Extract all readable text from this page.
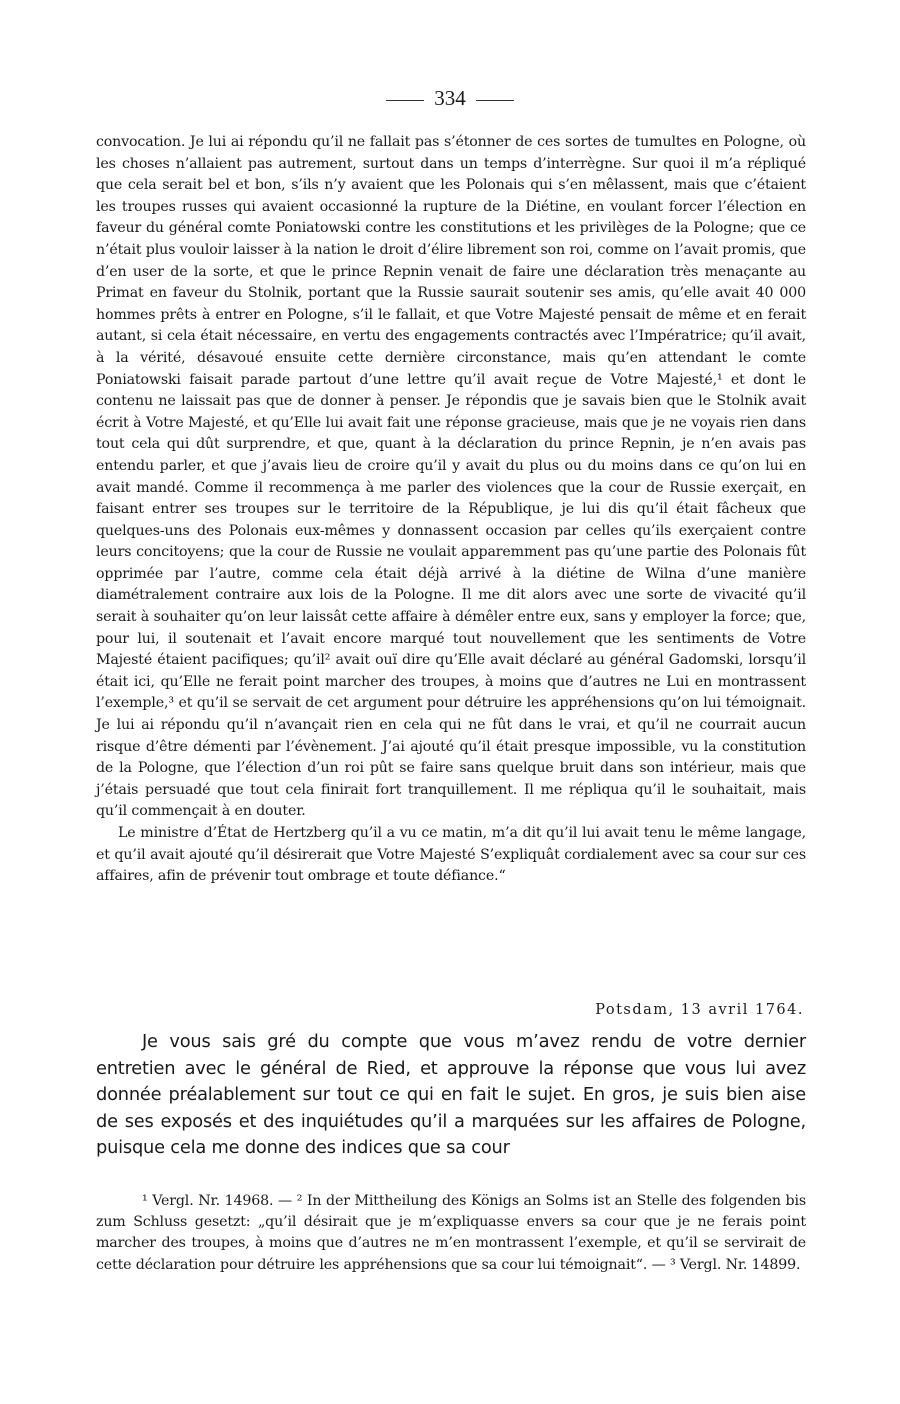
334

convocation. Je lui ai répondu qu’il ne fallait pas s’étonner de ces sortes de tumultes en Pologne, où les choses n’allaient pas autrement, surtout dans un temps d’interrègne. Sur quoi il m’a répliqué que cela serait bel et bon, s’ils n’y avaient que les Polonais qui s’en mêlassent, mais que c’étaient les troupes russes qui avaient occasionné la rupture de la Diétine, en voulant forcer l’élection en faveur du général comte Poniatowski contre les constitutions et les privilèges de la Pologne; que ce n’était plus vouloir laisser à la nation le droit d’élire librement son roi, comme on l’avait promis, que d’en user de la sorte, et que le prince Repnin venait de faire une déclaration très menaçante au Primat en faveur du Stolnik, portant que la Russie saurait soutenir ses amis, qu’elle avait 40 000 hommes prêts à entrer en Pologne, s’il le fallait, et que Votre Majesté pensait de même et en ferait autant, si cela était nécessaire, en vertu des engagements contractés avec l’Impératrice; qu’il avait, à la vérité, désavoué ensuite cette dernière circonstance, mais qu’en attendant le comte Poniatowski faisait parade partout d’une lettre qu’il avait reçue de Votre Majesté,¹ et dont le contenu ne laissait pas que de donner à penser. Je répondis que je savais bien que le Stolnik avait écrit à Votre Majesté, et qu’Elle lui avait fait une réponse gracieuse, mais que je ne voyais rien dans tout cela qui dût surprendre, et que, quant à la déclaration du prince Repnin, je n’en avais pas entendu parler, et que j’avais lieu de croire qu’il y avait du plus ou du moins dans ce qu’on lui en avait mandé. Comme il recommença à me parler des violences que la cour de Russie exerçait, en faisant entrer ses troupes sur le territoire de la République, je lui dis qu’il était fâcheux que quelques-uns des Polonais eux-mêmes y donnassent occasion par celles qu’ils exerçaient contre leurs concitoyens; que la cour de Russie ne voulait apparemment pas qu’une partie des Polonais fût opprimée par l’autre, comme cela était déjà arrivé à la diétine de Wilna d’une manière diamétralement contraire aux lois de la Pologne. Il me dit alors avec une sorte de vivacité qu’il serait à souhaiter qu’on leur laissât cette affaire à démêler entre eux, sans y employer la force; que, pour lui, il soutenait et l’avait encore marqué tout nouvellement que les sentiments de Votre Majesté étaient pacifiques; qu’il² avait ouï dire qu’Elle avait déclaré au général Gadomski, lorsqu’il était ici, qu’Elle ne ferait point marcher des troupes, à moins que d’autres ne Lui en montrassent l’exemple,³ et qu’il se servait de cet argument pour détruire les appréhensions qu’on lui témoignait. Je lui ai répondu qu’il n’avançait rien en cela qui ne fût dans le vrai, et qu’il ne courrait aucun risque d’être démenti par l’évènement. J’ai ajouté qu’il était presque impossible, vu la constitution de la Pologne, que l’élection d’un roi pût se faire sans quelque bruit dans son intérieur, mais que j’étais persuadé que tout cela finirait fort tranquillement. Il me répliqua qu’il le souhaitait, mais qu’il commençait à en douter.

Le ministre d’État de Hertzberg qu’il a vu ce matin, m’a dit qu’il lui avait tenu le même langage, et qu’il avait ajouté qu’il désirerait que Votre Majesté S’expliquât cordialement avec sa cour sur ces affaires, afin de prévenir tout ombrage et toute défiance.“

Potsdam, 13 avril 1764.

Je vous sais gré du compte que vous m’avez rendu de votre dernier entretien avec le général de Ried, et approuve la réponse que vous lui avez donnée préalablement sur tout ce qui en fait le sujet. En gros, je suis bien aise de ses exposés et des inquiétudes qu’il a marquées sur les affaires de Pologne, puisque cela me donne des indices que sa cour

¹ Vergl. Nr. 14968. — ² In der Mittheilung des Königs an Solms ist an Stelle des folgenden bis zum Schluss gesetzt: „qu’il désirait que je m’expliquasse envers sa cour que je ne ferais point marcher des troupes, à moins que d’autres ne m’en montrassent l’exemple, et qu’il se servirait de cette déclaration pour détruire les appréhensions que sa cour lui témoignait“. — ³ Vergl. Nr. 14899.
